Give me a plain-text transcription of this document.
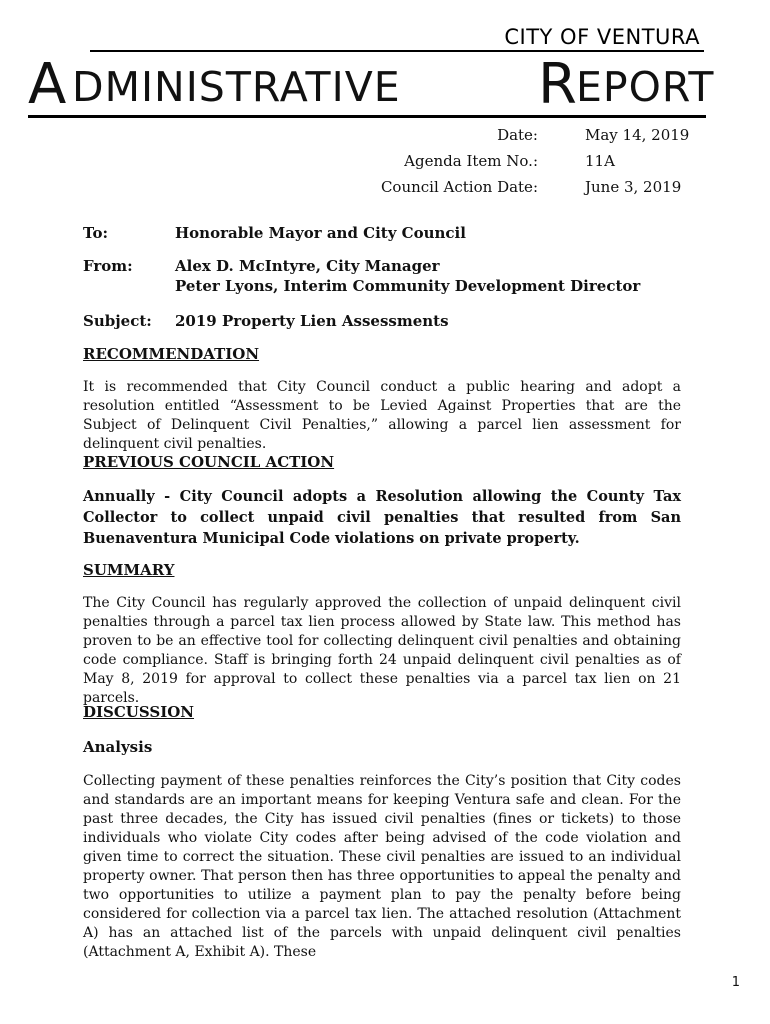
CITY OF VENTURA
A DMINISTRATIVE R EPORT
Date:	May 14, 2019
Agenda Item No.:	11A
Council Action Date:	June 3, 2019
To:	Honorable Mayor and City Council
From:	Alex D. McIntyre, City Manager
Peter Lyons, Interim Community Development Director
Subject: 2019 Property Lien Assessments
RECOMMENDATION
It is recommended that City Council conduct a public hearing and adopt a resolution entitled “Assessment to be Levied Against Properties that are the Subject of Delinquent Civil Penalties,” allowing a parcel lien assessment for delinquent civil penalties.
PREVIOUS COUNCIL ACTION
Annually - City Council adopts a Resolution allowing the County Tax Collector to collect unpaid civil penalties that resulted from San Buenaventura Municipal Code violations on private property.
SUMMARY
The City Council has regularly approved the collection of unpaid delinquent civil penalties through a parcel tax lien process allowed by State law. This method has proven to be an effective tool for collecting delinquent civil penalties and obtaining code compliance. Staff is bringing forth 24 unpaid delinquent civil penalties as of May 8, 2019 for approval to collect these penalties via a parcel tax lien on 21 parcels.
DISCUSSION
Analysis
Collecting payment of these penalties reinforces the City’s position that City codes and standards are an important means for keeping Ventura safe and clean. For the past three decades, the City has issued civil penalties (fines or tickets) to those individuals who violate City codes after being advised of the code violation and given time to correct the situation. These civil penalties are issued to an individual property owner. That person then has three opportunities to appeal the penalty and two opportunities to utilize a payment plan to pay the penalty before being considered for collection via a parcel tax lien. The attached resolution (Attachment A) has an attached list of the parcels with unpaid delinquent civil penalties (Attachment A, Exhibit A). These
1
